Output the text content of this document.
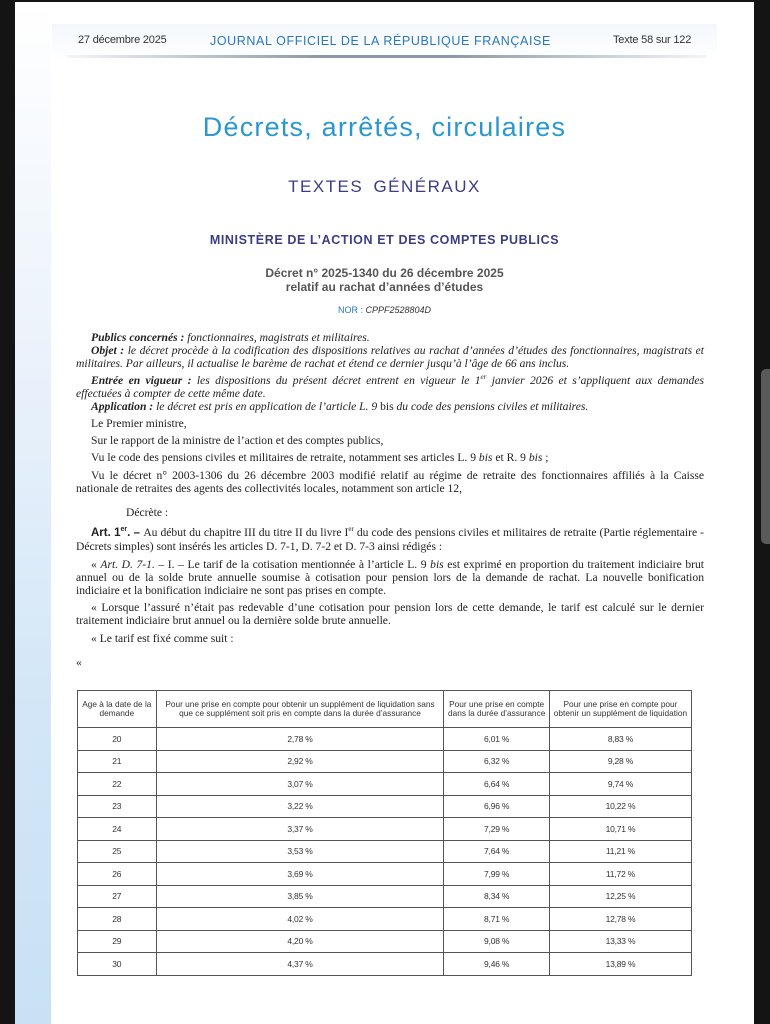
27 décembre 2025	JOURNAL OFFICIEL DE LA RÉPUBLIQUE FRANÇAISE	Texte 58 sur 122
Décrets, arrêtés, circulaires
TEXTES GÉNÉRAUX
MINISTÈRE DE L’ACTION ET DES COMPTES PUBLICS
Décret n° 2025-1340 du 26 décembre 2025
relatif au rachat d’années d’études
NOR : CPPF2528804D

Publics concernés : fonctionnaires, magistrats et militaires.

Objet : le décret procède à la codification des dispositions relatives au rachat d’années d’études des fonctionnaires, magistrats et militaires. Par ailleurs, il actualise le barème de rachat et étend ce dernier jusqu’à l’âge de 66 ans inclus.

Entrée en vigueur : les dispositions du présent décret entrent en vigueur le 1er janvier 2026 et s’appliquent aux demandes effectuées à compter de cette même date.

Application : le décret est pris en application de l’article L. 9 bis du code des pensions civiles et militaires.

Le Premier ministre,

Sur le rapport de la ministre de l’action et des comptes publics,

Vu le code des pensions civiles et militaires de retraite, notamment ses articles L. 9 bis et R. 9 bis ;

Vu le décret n° 2003-1306 du 26 décembre 2003 modifié relatif au régime de retraite des fonctionnaires affiliés à la Caisse nationale de retraites des agents des collectivités locales, notamment son article 12,

Décrète :

Art. 1er. – Au début du chapitre III du titre II du livre Ier du code des pensions civiles et militaires de retraite (Partie réglementaire - Décrets simples) sont insérés les articles D. 7-1, D. 7-2 et D. 7-3 ainsi rédigés :

« Art. D. 7-1. – I. – Le tarif de la cotisation mentionnée à l’article L. 9 bis est exprimé en proportion du traitement indiciaire brut annuel ou de la solde brute annuelle soumise à cotisation pour pension lors de la demande de rachat. La nouvelle bonification indiciaire et la bonification indiciaire ne sont pas prises en compte.

« Lorsque l’assuré n’était pas redevable d’une cotisation pour pension lors de cette demande, le tarif est calculé sur le dernier traitement indiciaire brut annuel ou la dernière solde brute annuelle.

« Le tarif est fixé comme suit :

«

Age à la date de la demande	Pour une prise en compte pour obtenir un supplément de liquidation sans que ce supplément soit pris en compte dans la durée d’assurance	Pour une prise en compte dans la durée d’assurance	Pour une prise en compte pour obtenir un supplément de liquidation
20	2,78 %	6,01 %	8,83 %
21	2,92 %	6,32 %	9,28 %
22	3,07 %	6,64 %	9,74 %
23	3,22 %	6,96 %	10,22 %
24	3,37 %	7,29 %	10,71 %
25	3,53 %	7,64 %	11,21 %
26	3,69 %	7,99 %	11,72 %
27	3,85 %	8,34 %	12,25 %
28	4,02 %	8,71 %	12,78 %
29	4,20 %	9,08 %	13,33 %
30	4,37 %	9,46 %	13,89 %
